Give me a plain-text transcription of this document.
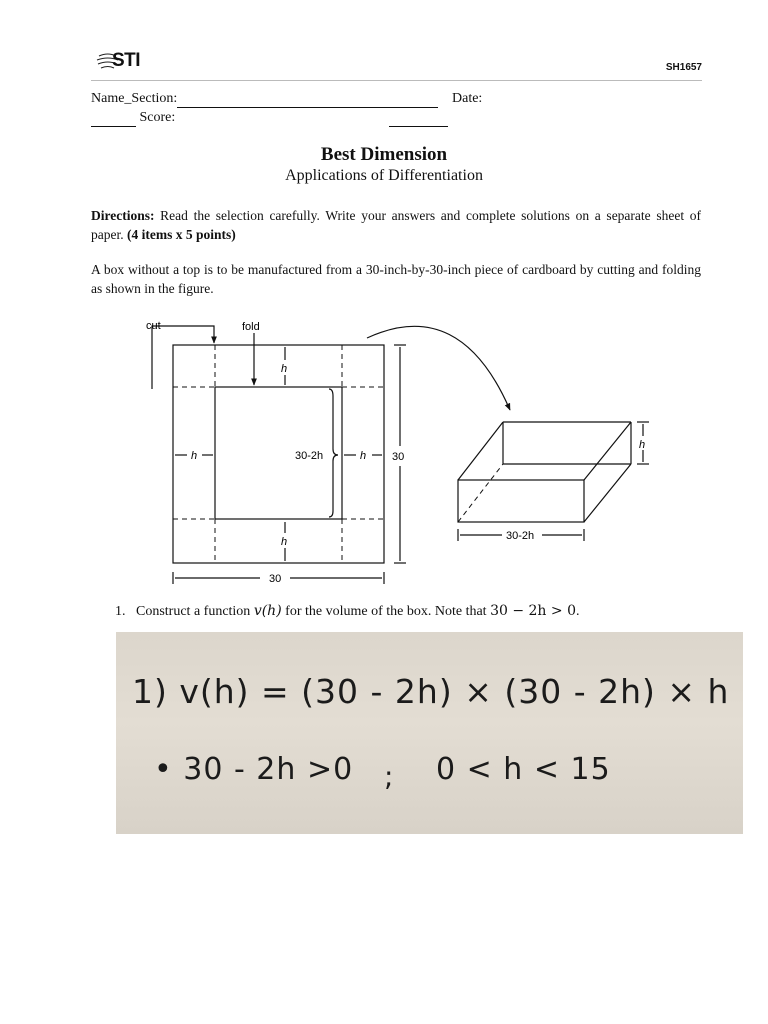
STI	SH1657
Name_Section:	Date:
Score:
Best Dimension
Applications of Differentiation
Directions: Read the selection carefully. Write your answers and complete solutions on a separate sheet of paper. (4 items x 5 points)
A box without a top is to be manufactured from a 30-inch-by-30-inch piece of cardboard by cutting and folding as shown in the figure.
cut	fold
h
h
h	h
30-2h	30
30
h
30-2h
1. Construct a function v(h) for the volume of the box. Note that 30 − 2h > 0.
1) v(h) = (30 - 2h) × (30 - 2h) × h
• 30 - 2h >0 ; 0 < h < 15
